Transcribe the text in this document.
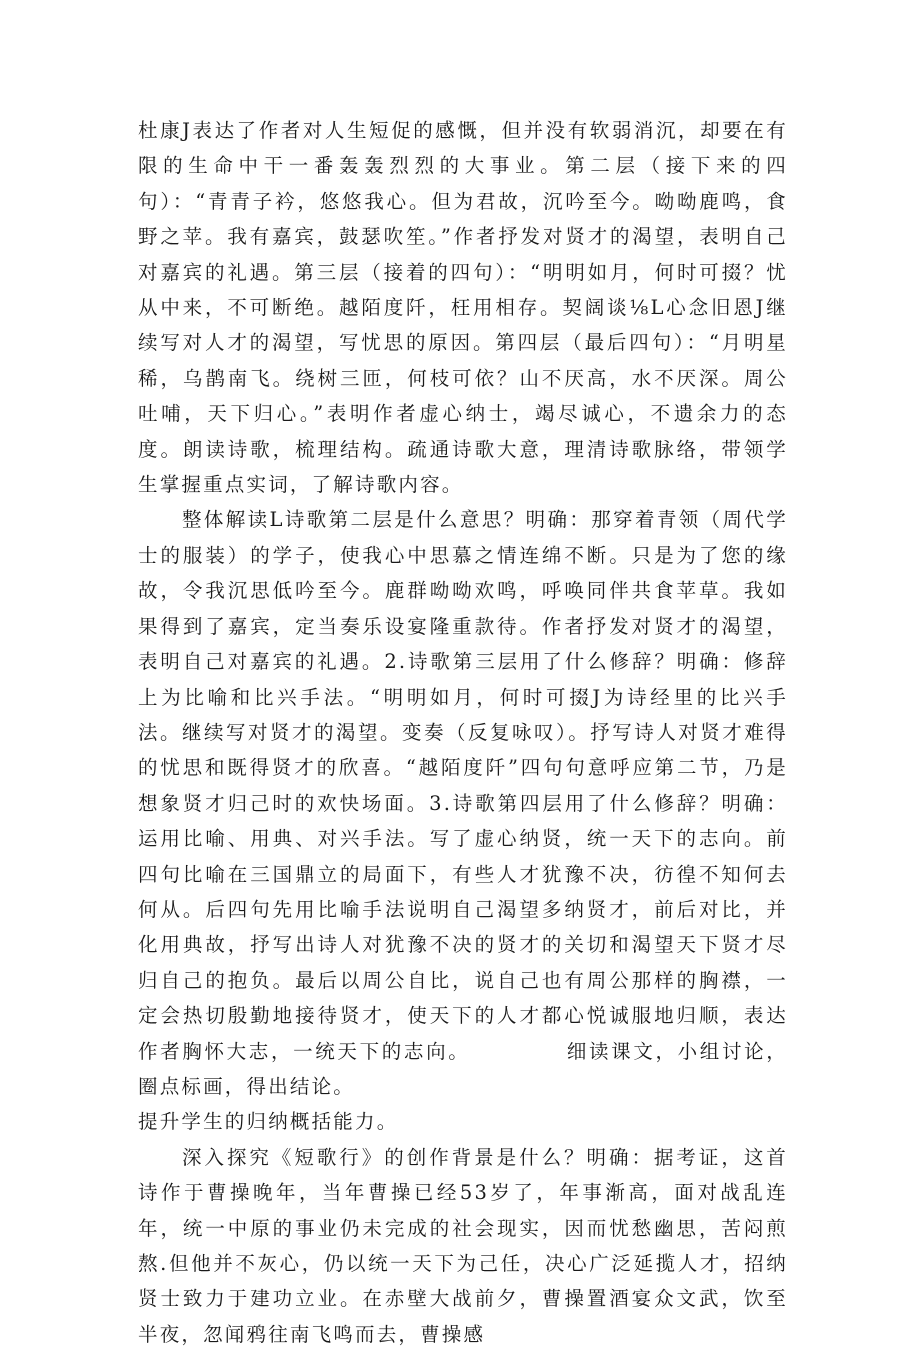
杜康J表达了作者对人生短促的感慨，但并没有软弱消沉，却要在有限的生命中干一番轰轰烈烈的大事业。第二层（接下来的四句）：“青青子衿，悠悠我心。但为君故，沉吟至今。呦呦鹿鸣，食野之苹。我有嘉宾，鼓瑟吹笙。”作者抒发对贤才的渴望，表明自己对嘉宾的礼遇。第三层（接着的四句）：“明明如月，何时可掇？忧从中来，不可断绝。越陌度阡，枉用相存。契阔谈⅛L心念旧恩J继续写对人才的渴望，写忧思的原因。第四层（最后四句）：“月明星稀，乌鹊南飞。绕树三匝，何枝可依？山不厌高，水不厌深。周公吐哺，天下归心。”表明作者虚心纳士，竭尽诚心，不遗余力的态度。朗读诗歌，梳理结构。疏通诗歌大意，理清诗歌脉络，带领学生掌握重点实词，了解诗歌内容。

整体解读L诗歌第二层是什么意思？明确：那穿着青领（周代学士的服装）的学子，使我心中思慕之情连绵不断。只是为了您的缘故，令我沉思低吟至今。鹿群呦呦欢鸣，呼唤同伴共食苹草。我如果得到了嘉宾，定当奏乐设宴隆重款待。作者抒发对贤才的渴望，表明自己对嘉宾的礼遇。2.诗歌第三层用了什么修辞？明确：修辞上为比喻和比兴手法。“明明如月，何时可掇J为诗经里的比兴手法。继续写对贤才的渴望。变奏（反复咏叹）。抒写诗人对贤才难得的忧思和既得贤才的欣喜。“越陌度阡”四句句意呼应第二节，乃是想象贤才归己时的欢快场面。3.诗歌第四层用了什么修辞？明确：运用比喻、用典、对兴手法。写了虚心纳贤，统一天下的志向。前四句比喻在三国鼎立的局面下，有些人才犹豫不决，彷徨不知何去何从。后四句先用比喻手法说明自己渴望多纳贤才，前后对比，并化用典故，抒写出诗人对犹豫不决的贤才的关切和渴望天下贤才尽归自己的抱负。最后以周公自比，说自己也有周公那样的胸襟，一定会热切殷勤地接待贤才，使天下的人才都心悦诚服地归顺，表达作者胸怀大志，一统天下的志向。	细读课文，小组讨论，圈点标画，得出结论。

提升学生的归纳概括能力。

深入探究《短歌行》的创作背景是什么？明确：据考证，这首诗作于曹操晚年，当年曹操已经53岁了，年事渐高，面对战乱连年，统一中原的事业仍未完成的社会现实，因而忧愁幽思，苦闷煎熬.但他并不灰心，仍以统一天下为己任，决心广泛延揽人才，招纳贤士致力于建功立业。在赤壁大战前夕，曹操置酒宴众文武，饮至半夜，忽闻鸦往南飞鸣而去，曹操感
